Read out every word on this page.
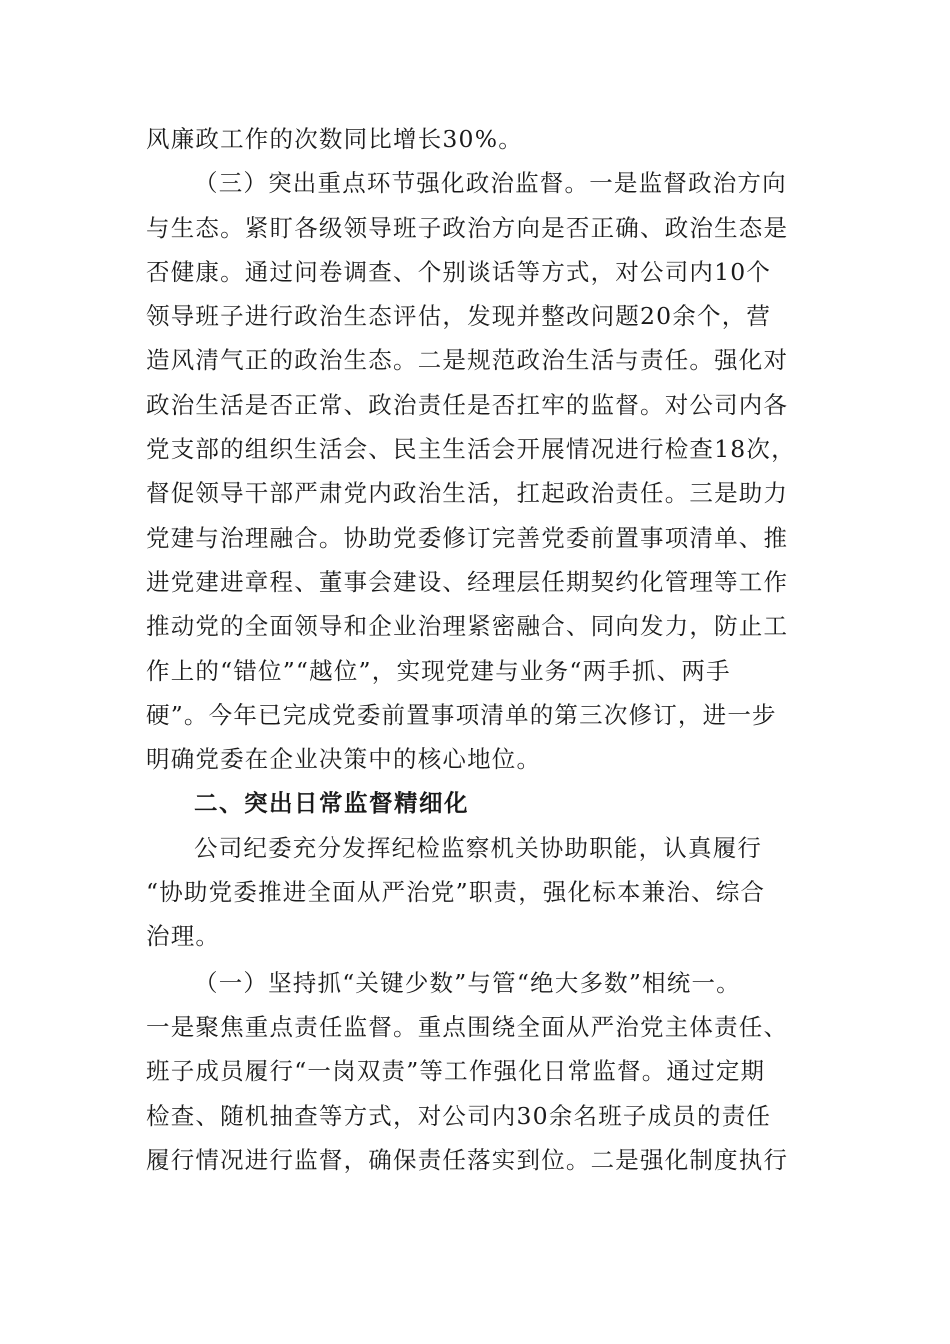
风廉政工作的次数同比增长30%。
（三）突出重点环节强化政治监督。一是监督政治方向
与生态。紧盯各级领导班子政治方向是否正确、政治生态是
否健康。通过问卷调查、个别谈话等方式，对公司内10个
领导班子进行政治生态评估，发现并整改问题20余个，营
造风清气正的政治生态。二是规范政治生活与责任。强化对
政治生活是否正常、政治责任是否扛牢的监督。对公司内各
党支部的组织生活会、民主生活会开展情况进行检查18次，
督促领导干部严肃党内政治生活，扛起政治责任。三是助力
党建与治理融合。协助党委修订完善党委前置事项清单、推
进党建进章程、董事会建设、经理层任期契约化管理等工作
推动党的全面领导和企业治理紧密融合、同向发力，防止工
作上的“错位”“越位”，实现党建与业务“两手抓、两手
硬”。今年已完成党委前置事项清单的第三次修订，进一步
明确党委在企业决策中的核心地位。
二、突出日常监督精细化
公司纪委充分发挥纪检监察机关协助职能，认真履行
“协助党委推进全面从严治党”职责，强化标本兼治、综合
治理。
（一）坚持抓“关键少数”与管“绝大多数”相统一。
一是聚焦重点责任监督。重点围绕全面从严治党主体责任、
班子成员履行“一岗双责”等工作强化日常监督。通过定期
检查、随机抽查等方式，对公司内30余名班子成员的责任
履行情况进行监督，确保责任落实到位。二是强化制度执行
